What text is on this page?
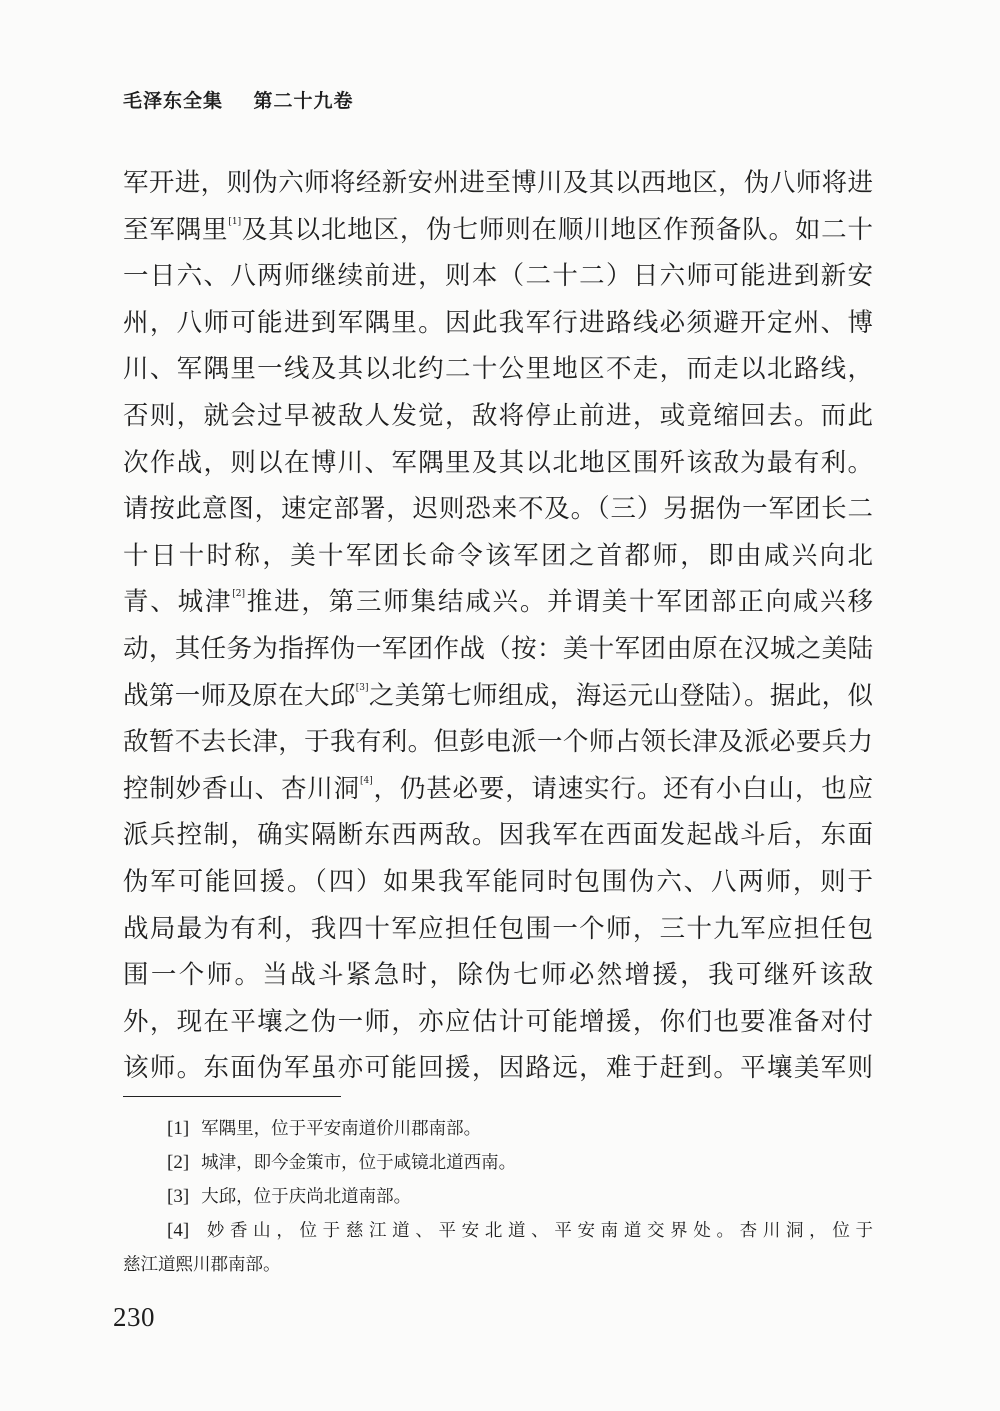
毛泽东全集    第二十九卷
军开进，则伪六师将经新安州进至博川及其以西地区，伪八师将进
至军隅里[1]及其以北地区，伪七师则在顺川地区作预备队。如二十
一日六、八两师继续前进，则本（二十二）日六师可能进到新安
州，八师可能进到军隅里。因此我军行进路线必须避开定州、博
川、军隅里一线及其以北约二十公里地区不走，而走以北路线，
否则，就会过早被敌人发觉，敌将停止前进，或竟缩回去。而此
次作战，则以在博川、军隅里及其以北地区围歼该敌为最有利。
请按此意图，速定部署，迟则恐来不及。（三）另据伪一军团长二
十日十时称，美十军团长命令该军团之首都师，即由咸兴向北
青、城津[2]推进，第三师集结咸兴。并谓美十军团部正向咸兴移
动，其任务为指挥伪一军团作战（按：美十军团由原在汉城之美陆
战第一师及原在大邱[3]之美第七师组成，海运元山登陆）。据此，似
敌暂不去长津，于我有利。但彭电派一个师占领长津及派必要兵力
控制妙香山、杏川洞[4]，仍甚必要，请速实行。还有小白山，也应
派兵控制，确实隔断东西两敌。因我军在西面发起战斗后，东面
伪军可能回援。（四）如果我军能同时包围伪六、八两师，则于
战局最为有利，我四十军应担任包围一个师，三十九军应担任包
围一个师。当战斗紧急时，除伪七师必然增援，我可继歼该敌
外，现在平壤之伪一师，亦应估计可能增援，你们也要准备对付
该师。东面伪军虽亦可能回援，因路远，难于赶到。平壤美军则
[1] 军隅里，位于平安南道价川郡南部。
[2] 城津，即今金策市，位于咸镜北道西南。
[3] 大邱，位于庆尚北道南部。
[4] 妙香山，位于慈江道、平安北道、平安南道交界处。杏川洞，位于
慈江道熙川郡南部。
230
